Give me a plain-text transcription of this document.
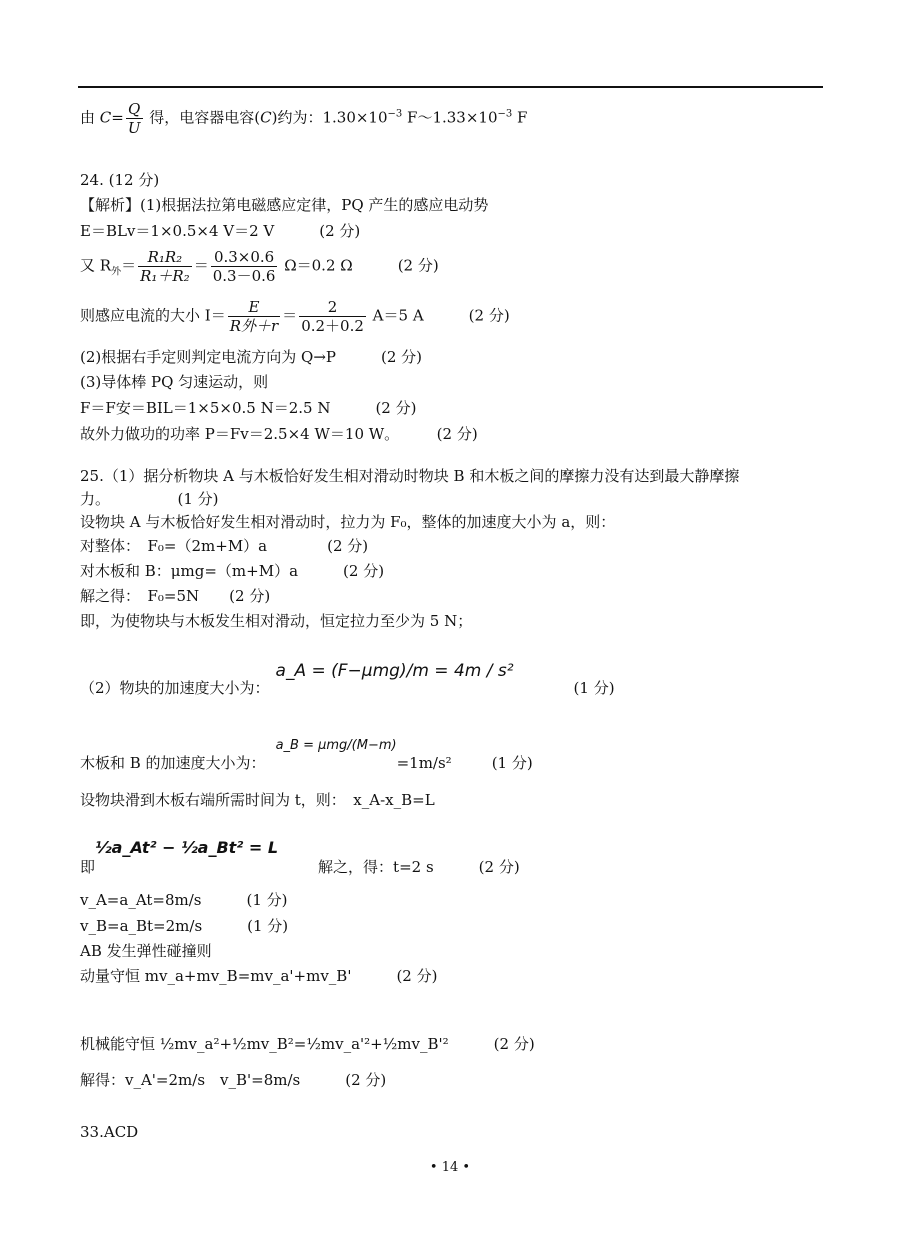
由 $C= \frac{Q}{U}$ 得，电容器电容(C)约为：$1.30\times 10^{-3}$ $F\sim 1.33\times 10^{-3}$ F
24. (12 分)
【解析】(1)根据法拉第电磁感应定律，PQ 产生的感应电动势
E＝BLv＝1×0.5×4 V＝2 V　　　(2 分)
又 $R_外= \frac{\text{R₁R₂}}{\text{R₁＋R₂}} = \frac{0.3\times 0.6}{0.3-0.6} \Omega=0.2$ Ω　　　(2 分)
则感应电流的大小 $I= \frac{E}{\text{R外＋r}} = \frac{2}{0.2+0.2} A=5$ A　　　(2 分)
(2)根据右手定则判定电流方向为 Q→P　　　(2 分)
(3)导体棒 PQ 匀速运动，则
F＝F安＝BIL＝1×5×0.5 N＝2.5 N　　　(2 分)
故外力做功的功率 P＝Fv＝2.5×4 W＝10 W。　　　(2 分)
25.（1）据分析物块 A 与木板恰好发生相对滑动时物块 B 和木板之间的摩擦力没有达到最大静摩擦
力。　　　　　(1 分)
设物块 A 与木板恰好发生相对滑动时，拉力为 F₀，整体的加速度大小为 a，则：
对整体：　F₀=（2m+M）a　　　　(2 分)
对木板和 B：μmg=（m+M）a　　　(2 分)
解之得：　F₀=5N　　(2 分)
即，为使物块与木板发生相对滑动，恒定拉力至少为 5 N；
（2）物块的加速度大小为：a_A = (F−μmg)/m = 4m / s²(1 分)
木板和 B 的加速度大小为：a_B = μmg/(M−m)=1m/s²	(1 分)
设物块滑到木板右端所需时间为 t，则：　x_A-x_B=L
即½a_At² − ½a_Bt² = L解之，得：t=2 s　　　(2 分)
v_A=a_At=8m/s　　　(1 分)
v_B=a_Bt=2m/s　　　(1 分)
AB 发生弹性碰撞则
动量守恒 mv_a+mv_B=mv_a'+mv_B'　　　(2 分)
机械能守恒 ½mv_a²+½mv_B²=½mv_a'²+½mv_B'²　　　(2 分)
解得：v_A'=2m/s　v_B'=8m/s　　　(2 分)
33.ACD
• 14 •
